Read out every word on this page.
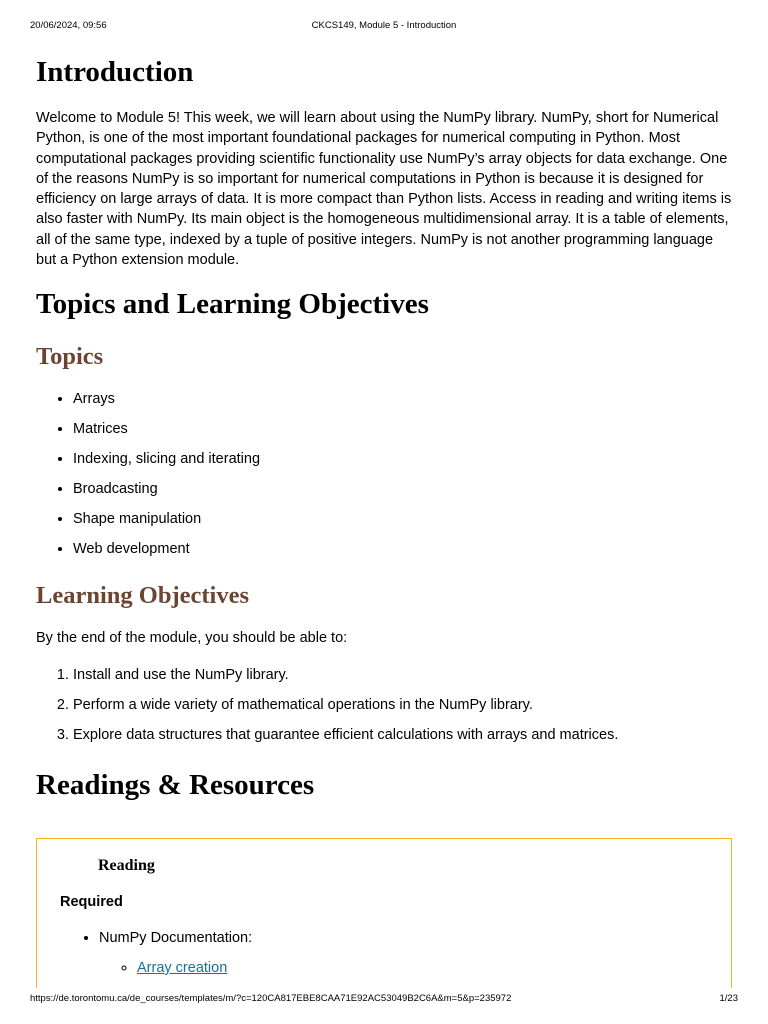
20/06/2024, 09:56	CKCS149, Module 5 - Introduction
Introduction

Welcome to Module 5! This week, we will learn about using the NumPy library. NumPy, short for Numerical Python, is one of the most important foundational packages for numerical computing in Python. Most computational packages providing scientific functionality use NumPy’s array objects for data exchange. One of the reasons NumPy is so important for numerical computations in Python is because it is designed for efficiency on large arrays of data. It is more compact than Python lists. Access in reading and writing items is also faster with NumPy. Its main object is the homogeneous multidimensional array. It is a table of elements, all of the same type, indexed by a tuple of positive integers. NumPy is not another programming language but a Python extension module.

Topics and Learning Objectives
Topics
• Arrays
• Matrices
• Indexing, slicing and iterating
• Broadcasting
• Shape manipulation
• Web development
Learning Objectives

By the end of the module, you should be able to:

1. Install and use the NumPy library.
2. Perform a wide variety of mathematical operations in the NumPy library.
3. Explore data structures that guarantee efficient calculations with arrays and matrices.
Readings & Resources
Reading
Required
• NumPy Documentation:
◦ Array creation
https://de.torontomu.ca/de_courses/templates/m/?c=120CA817EBE8CAA71E92AC53049B2C6A&m=5&p=235972	1/23
